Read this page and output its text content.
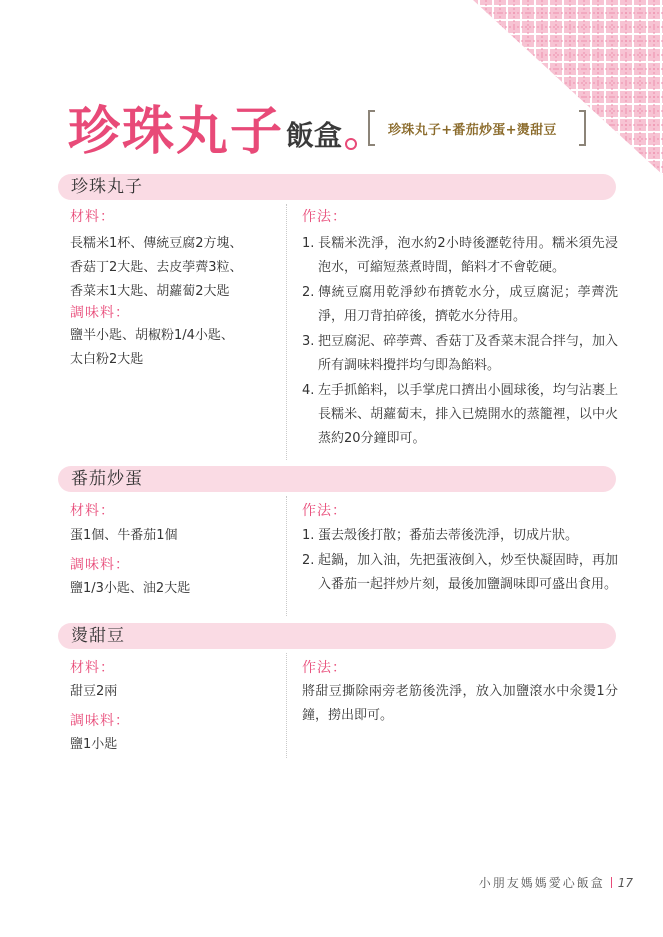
珍珠丸子 飯盒	珍珠丸子+番茄炒蛋+燙甜豆
珍珠丸子
材料：
長糯米1杯、傳統豆腐2方塊、
香菇丁2大匙、去皮荸薺3粒、
香菜末1大匙、胡蘿蔔2大匙
調味料：
鹽半小匙、胡椒粉1/4小匙、
太白粉2大匙
作法：
1. 長糯米洗淨，泡水約2小時後瀝乾待用。糯米須先浸泡水，可縮短蒸煮時間，餡料才不會乾硬。
2. 傳統豆腐用乾淨紗布擠乾水分，成豆腐泥；荸薺洗淨，用刀背拍碎後，擠乾水分待用。
3. 把豆腐泥、碎荸薺、香菇丁及香菜末混合拌勻，加入所有調味料攪拌均勻即為餡料。
4. 左手抓餡料，以手掌虎口擠出小圓球後，均勻沾裹上長糯米、胡蘿蔔末，排入已燒開水的蒸籠裡，以中火蒸約20分鐘即可。
番茄炒蛋
材料：
蛋1個、牛番茄1個
調味料：
鹽1/3小匙、油2大匙
作法：
1. 蛋去殼後打散；番茄去蒂後洗淨，切成片狀。
2. 起鍋，加入油，先把蛋液倒入，炒至快凝固時，再加入番茄一起拌炒片刻，最後加鹽調味即可盛出食用。
燙甜豆
材料：
甜豆2兩
調味料：
鹽1小匙
作法：
將甜豆撕除兩旁老筋後洗淨，放入加鹽滾水中氽燙1分鐘，撈出即可。
小朋友媽媽愛心飯盒 17
